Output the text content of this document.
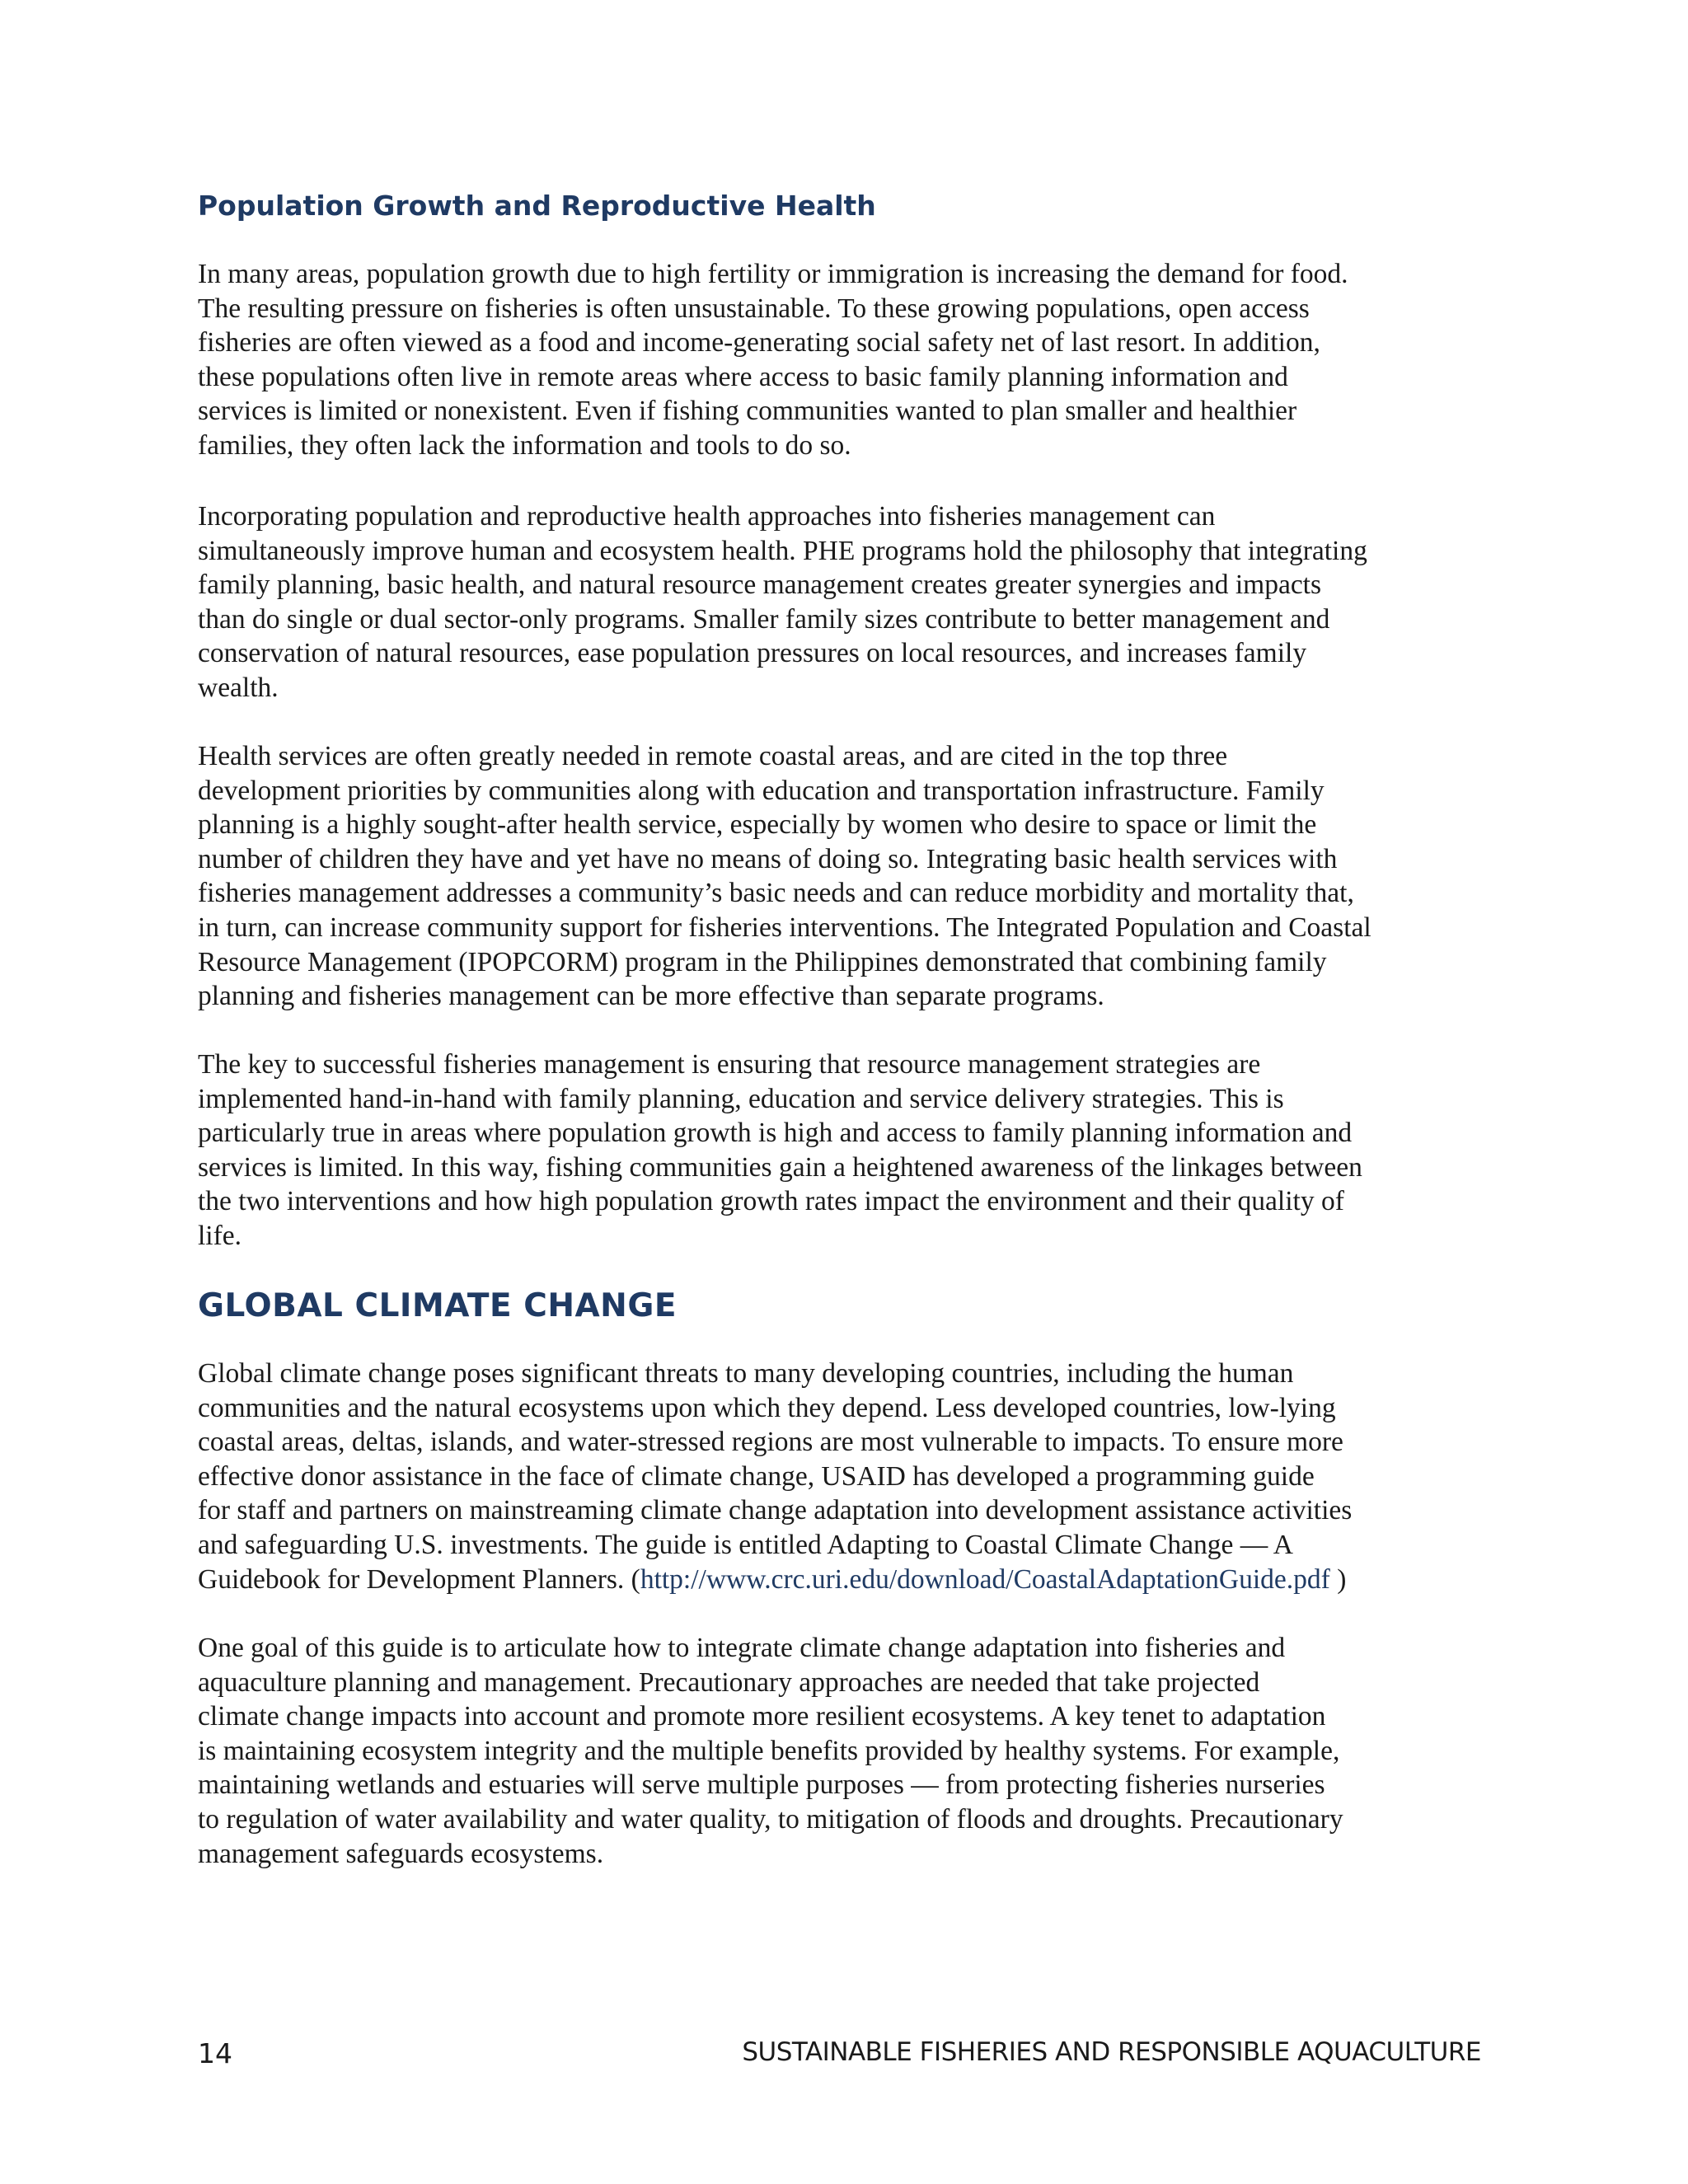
Population Growth and Reproductive Health

In many areas, population growth due to high fertility or immigration is increasing the demand for food.
The resulting pressure on fisheries is often unsustainable. To these growing populations, open access
fisheries are often viewed as a food and income-generating social safety net of last resort. In addition,
these populations often live in remote areas where access to basic family planning information and
services is limited or nonexistent. Even if fishing communities wanted to plan smaller and healthier
families, they often lack the information and tools to do so.

Incorporating population and reproductive health approaches into fisheries management can
simultaneously improve human and ecosystem health. PHE programs hold the philosophy that integrating
family planning, basic health, and natural resource management creates greater synergies and impacts
than do single or dual sector-only programs. Smaller family sizes contribute to better management and
conservation of natural resources, ease population pressures on local resources, and increases family
wealth.

Health services are often greatly needed in remote coastal areas, and are cited in the top three
development priorities by communities along with education and transportation infrastructure. Family
planning is a highly sought-after health service, especially by women who desire to space or limit the
number of children they have and yet have no means of doing so. Integrating basic health services with
fisheries management addresses a community’s basic needs and can reduce morbidity and mortality that,
in turn, can increase community support for fisheries interventions. The Integrated Population and Coastal
Resource Management (IPOPCORM) program in the Philippines demonstrated that combining family
planning and fisheries management can be more effective than separate programs.

The key to successful fisheries management is ensuring that resource management strategies are
implemented hand-in-hand with family planning, education and service delivery strategies. This is
particularly true in areas where population growth is high and access to family planning information and
services is limited. In this way, fishing communities gain a heightened awareness of the linkages between
the two interventions and how high population growth rates impact the environment and their quality of
life.

GLOBAL CLIMATE CHANGE

Global climate change poses significant threats to many developing countries, including the human
communities and the natural ecosystems upon which they depend. Less developed countries, low-lying
coastal areas, deltas, islands, and water-stressed regions are most vulnerable to impacts. To ensure more
effective donor assistance in the face of climate change, USAID has developed a programming guide
for staff and partners on mainstreaming climate change adaptation into development assistance activities
and safeguarding U.S. investments. The guide is entitled Adapting to Coastal Climate Change — A
Guidebook for Development Planners. (http://www.crc.uri.edu/download/CoastalAdaptationGuide.pdf )

One goal of this guide is to articulate how to integrate climate change adaptation into fisheries and
aquaculture planning and management. Precautionary approaches are needed that take projected
climate change impacts into account and promote more resilient ecosystems. A key tenet to adaptation
is maintaining ecosystem integrity and the multiple benefits provided by healthy systems. For example,
maintaining wetlands and estuaries will serve multiple purposes — from protecting fisheries nurseries
to regulation of water availability and water quality, to mitigation of floods and droughts. Precautionary
management safeguards ecosystems.

14	SUSTAINABLE FISHERIES AND RESPONSIBLE AQUACULTURE
